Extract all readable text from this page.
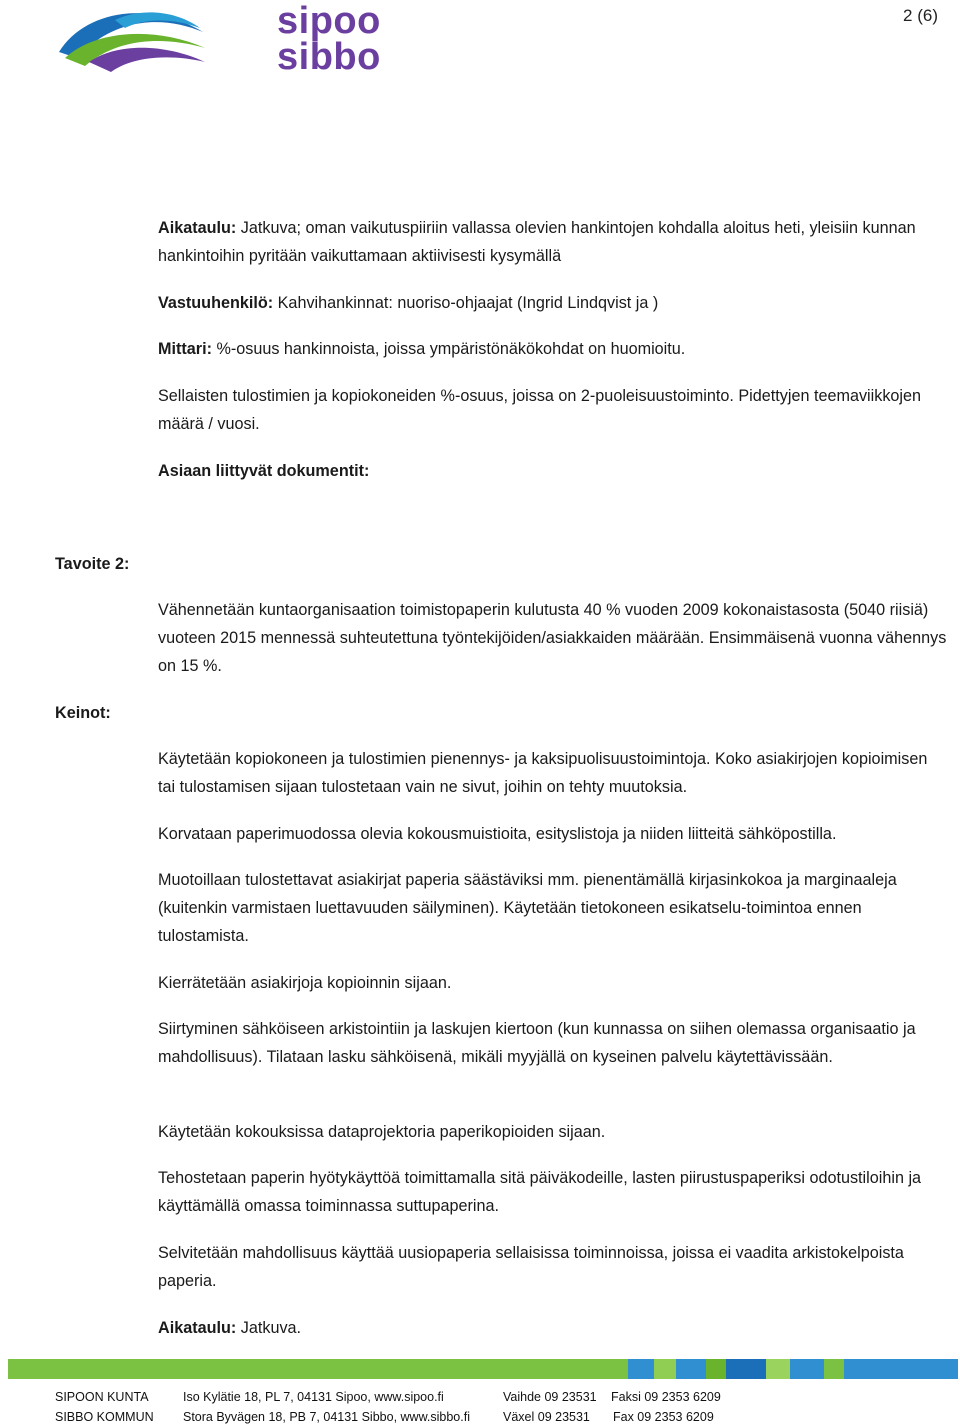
sipoo
sibbo
2 (6)

Aikataulu: Jatkuva; oman vaikutuspiiriin vallassa olevien hankintojen kohdalla aloitus heti, yleisiin kunnan hankintoihin pyritään vaikuttamaan aktiivisesti kysymällä

Vastuuhenkilö: Kahvihankinnat: nuoriso-ohjaajat (Ingrid Lindqvist ja )

Mittari: %-osuus hankinnoista, joissa ympäristönäkökohdat on huomioitu.

Sellaisten tulostimien ja kopiokoneiden %-osuus, joissa on 2-puoleisuustoiminto. Pidettyjen teemaviikkojen määrä / vuosi.

Asiaan liittyvät dokumentit:

Tavoite 2:

Vähennetään kuntaorganisaation toimistopaperin kulutusta 40 % vuoden 2009 kokonaistasosta (5040 riisiä) vuoteen 2015 mennessä suhteutettuna työntekijöiden/asiakkaiden määrään. Ensimmäisenä vuonna vähennys on 15 %.

Keinot:

Käytetään kopiokoneen ja tulostimien pienennys- ja kaksipuolisuustoimintoja. Koko asiakirjojen kopioimisen tai tulostamisen sijaan tulostetaan vain ne sivut, joihin on tehty muutoksia.

Korvataan paperimuodossa olevia kokousmuistioita, esityslistoja ja niiden liitteitä sähköpostilla.

Muotoillaan tulostettavat asiakirjat paperia säästäviksi mm. pienentämällä kirjasinkokoa ja marginaaleja (kuitenkin varmistaen luettavuuden säilyminen). Käytetään tietokoneen esikatselu-toimintoa ennen tulostamista.

Kierrätetään asiakirjoja kopioinnin sijaan.

Siirtyminen sähköiseen arkistointiin ja laskujen kiertoon (kun kunnassa on siihen olemassa organisaatio ja mahdollisuus). Tilataan lasku sähköisenä, mikäli myyjällä on kyseinen palvelu käytettävissään.

Käytetään kokouksissa dataprojektoria paperikopioiden sijaan.

Tehostetaan paperin hyötykäyttöä toimittamalla sitä päiväkodeille, lasten piirustuspaperiksi odotustiloihin ja käyttämällä omassa toiminnassa suttupaperina.

Selvitetään mahdollisuus käyttää uusiopaperia sellaisissa toiminnoissa, joissa ei vaadita arkistokelpoista paperia.

Aikataulu: Jatkuva.

SIPOON KUNTA	Iso Kylätie 18, PL 7, 04131 Sipoo, www.sipoo.fi	Vaihde 09 23531 Faksi 09 2353 6209
SIBBO KOMMUN Stora Byvägen 18, PB 7, 04131 Sibbo, www.sibbo.fi	Växel 09 23531 Fax 09 2353 6209
